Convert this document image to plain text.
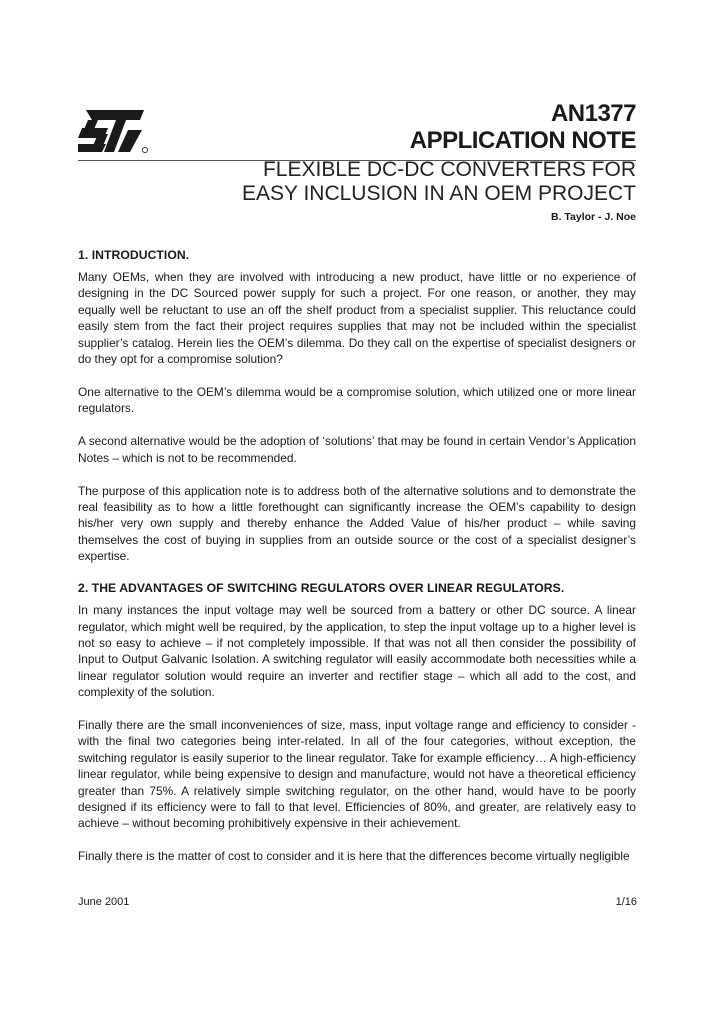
AN1377
APPLICATION NOTE
FLEXIBLE DC-DC CONVERTERS FOR
EASY INCLUSION IN AN OEM PROJECT
B. Taylor - J. Noe
1. INTRODUCTION.

Many OEMs, when they are involved with introducing a new product, have little or no experience of designing in the DC Sourced power supply for such a project. For one reason, or another, they may equally well be reluctant to use an off the shelf product from a specialist supplier. This reluctance could easily stem from the fact their project requires supplies that may not be included within the specialist supplier’s catalog. Herein lies the OEM’s dilemma. Do they call on the expertise of specialist designers or do they opt for a compromise solution?

One alternative to the OEM’s dilemma would be a compromise solution, which utilized one or more linear regulators.

A second alternative would be the adoption of ‘solutions’ that may be found in certain Vendor’s Application Notes – which is not to be recommended.

The purpose of this application note is to address both of the alternative solutions and to demonstrate the real feasibility as to how a little forethought can significantly increase the OEM’s capability to design his/her very own supply and thereby enhance the Added Value of his/her product – while saving themselves the cost of buying in supplies from an outside source or the cost of a specialist designer’s expertise.

2. THE ADVANTAGES OF SWITCHING REGULATORS OVER LINEAR REGULATORS.

In many instances the input voltage may well be sourced from a battery or other DC source. A linear regulator, which might well be required, by the application, to step the input voltage up to a higher level is not so easy to achieve – if not completely impossible. If that was not all then consider the possibility of Input to Output Galvanic Isolation. A switching regulator will easily accommodate both necessities while a linear regulator solution would require an inverter and rectifier stage – which all add to the cost, and complexity of the solution.

Finally there are the small inconveniences of size, mass, input voltage range and efficiency to consider - with the final two categories being inter-related. In all of the four categories, without exception, the switching regulator is easily superior to the linear regulator. Take for example efficiency… A high-efficiency linear regulator, while being expensive to design and manufacture, would not have a theoretical efficiency greater than 75%. A relatively simple switching regulator, on the other hand, would have to be poorly designed if its efficiency were to fall to that level. Efficiencies of 80%, and greater, are relatively easy to achieve – without becoming prohibitively expensive in their achievement.

Finally there is the matter of cost to consider and it is here that the differences become virtually negligible

June 2001	1/16
